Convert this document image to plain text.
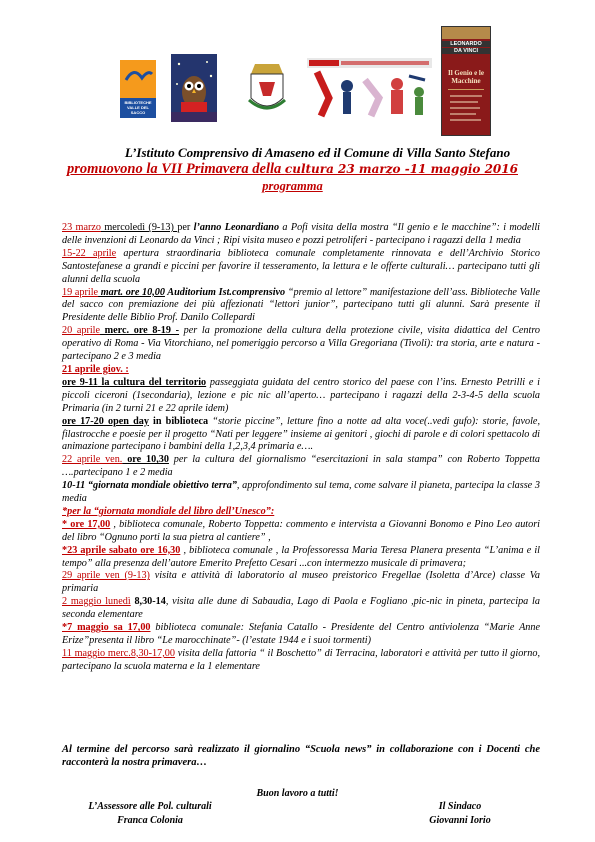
BIBLIOTECHE VALLE DEL SACCO
LEONARDO
DA VINCI
Il Genio e le Macchine
L’Istituto Comprensivo di Amaseno ed il Comune di Villa Santo Stefano
promuovono la VII Primavera della cultura 23 marzo -11 maggio 2016
programma

23 marzo mercoledì (9-13) per l’anno Leonardiano a Pofi visita della mostra “Il genio e le macchine”: i modelli delle invenzioni di Leonardo da Vinci ; Ripi visita museo e pozzi petroliferi - partecipano i ragazzi della 1 media

15-22 aprile apertura straordinaria biblioteca comunale completamente rinnovata e dell’Archivio Storico Santostefanese a grandi e piccini per favorire il tesseramento, la lettura e le offerte culturali… partecipano tutti gli alunni della scuola

19 aprile mart. ore 10,00 Auditorium Ist.comprensivo “premio al lettore” manifestazione dell’ass. Biblioteche Valle del sacco con premiazione dei più affezionati “lettori junior”, partecipano tutti gli alunni. Sarà presente il Presidente delle Biblio Prof. Danilo Collepardi

20 aprile merc. ore 8-19 - per la promozione della cultura della protezione civile, visita didattica del Centro operativo di Roma - Via Vitorchiano, nel pomeriggio percorso a Villa Gregoriana (Tivoli): tra storia, arte e natura - partecipano 2 e 3 media

21 aprile giov. :

ore 9-11 la cultura del territorio passeggiata guidata del centro storico del paese con l’ins. Ernesto Petrilli e i piccoli ciceroni (1secondaria), lezione e pic nic all’aperto… partecipano i ragazzi della 2-3-4-5 della scuola Primaria (in 2 turni 21 e 22 aprile idem)

ore 17-20 open day in biblioteca “storie piccine”, letture fino a notte ad alta voce(..vedi gufo): storie, favole, filastrocche e poesie per il progetto “Nati per leggere” insieme ai genitori , giochi di parole e di colori spettacolo di animazione partecipano i bambini della 1,2,3,4 primaria e….

22 aprile ven. ore 10,30 per la cultura del giornalismo “esercitazioni in sala stampa” con Roberto Toppetta ….partecipano 1 e 2 media

10-11 “giornata mondiale obiettivo terra”, approfondimento sul tema, come salvare il pianeta, partecipa la classe 3 media

*per la “giornata mondiale del libro dell’Unesco”:

* ore 17,00 , biblioteca comunale, Roberto Toppetta: commento e intervista a Giovanni Bonomo e Pino Leo autori del libro “Ognuno porti la sua pietra al cantiere” ,

*23 aprile sabato ore 16,30 , biblioteca comunale , la Professoressa Maria Teresa Planera presenta “L’anima e il tempo” alla presenza dell’autore Emerito Prefetto Cesari ...con intermezzo musicale di primavera;

29 aprile ven (9-13) visita e attività di laboratorio al museo preistorico Fregellae (Isoletta d’Arce) classe Va primaria

2 maggio lunedì 8,30-14, visita alle dune di Sabaudia, Lago di Paola e Fogliano ,pic-nic in pineta, partecipa la seconda elementare

*7 maggio sa 17,00 biblioteca comunale: Stefania Catallo - Presidente del Centro antiviolenza “Marie Anne Erize”presenta il libro “Le marocchinate”- (l’estate 1944 e i suoi tormenti)

11 maggio merc.8,30-17,00 visita della fattoria “ il Boschetto” di Terracina, laboratori e attività per tutto il giorno, partecipano la scuola materna e la 1 elementare

Al termine del percorso sarà realizzato il giornalino “Scuola news” in collaborazione con i Docenti che racconterà la nostra primavera…
Buon lavoro a tutti!
L’Assessore alle Pol. culturali
Franca Colonia
Il Sindaco
Giovanni Iorio
